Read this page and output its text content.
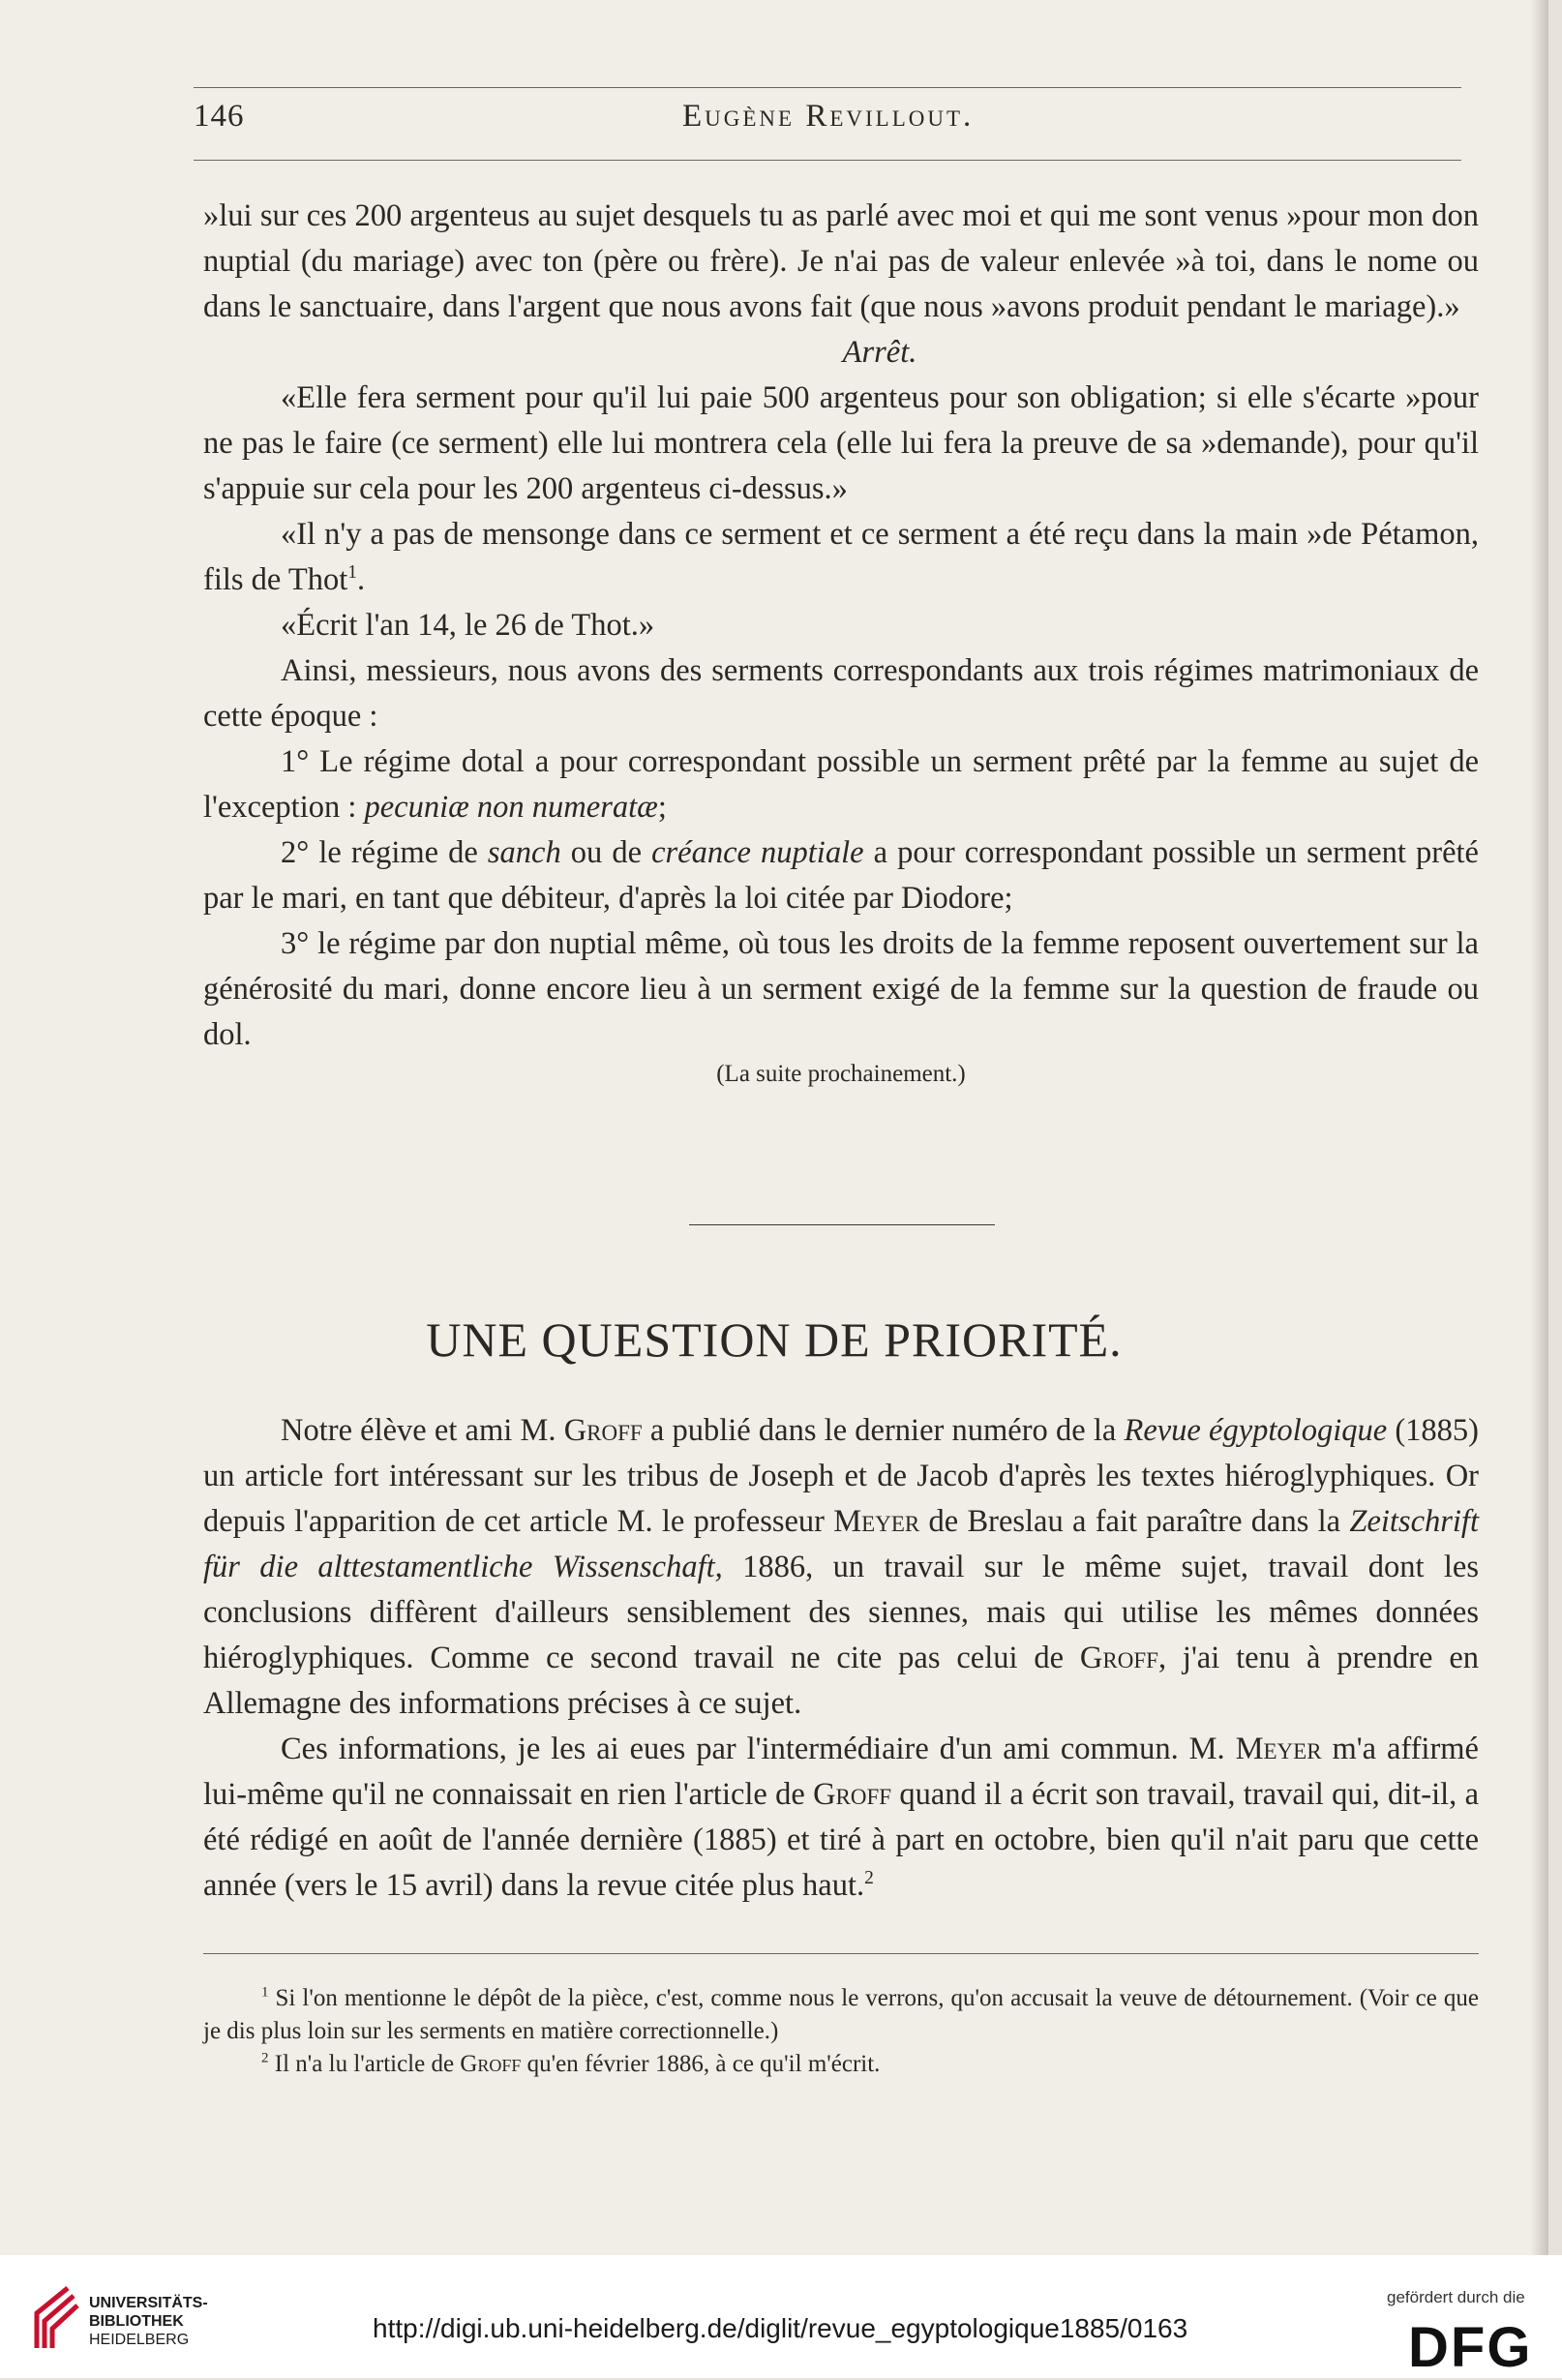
146	Eugène Revillout.

»lui sur ces 200 argenteus au sujet desquels tu as parlé avec moi et qui me sont venus »pour mon don nuptial (du mariage) avec ton (père ou frère). Je n'ai pas de valeur enlevée »à toi, dans le nome ou dans le sanctuaire, dans l'argent que nous avons fait (que nous »avons produit pendant le mariage).»

Arrêt.

«Elle fera serment pour qu'il lui paie 500 argenteus pour son obligation; si elle s'écarte »pour ne pas le faire (ce serment) elle lui montrera cela (elle lui fera la preuve de sa »demande), pour qu'il s'appuie sur cela pour les 200 argenteus ci-dessus.»

«Il n'y a pas de mensonge dans ce serment et ce serment a été reçu dans la main »de Pétamon, fils de Thot$^1$.

«Écrit l'an 14, le 26 de Thot.»

Ainsi, messieurs, nous avons des serments correspondants aux trois régimes matrimoniaux de cette époque :

1° Le régime dotal a pour correspondant possible un serment prêté par la femme au sujet de l'exception : pecuniæ non numeratæ;

2° le régime de sanch ou de créance nuptiale a pour correspondant possible un serment prêté par le mari, en tant que débiteur, d'après la loi citée par Diodore;

3° le régime par don nuptial même, où tous les droits de la femme reposent ouvertement sur la générosité du mari, donne encore lieu à un serment exigé de la femme sur la question de fraude ou dol.

(La suite prochainement.)

UNE QUESTION DE PRIORITÉ.

Notre élève et ami M. Groff a publié dans le dernier numéro de la Revue égyptologique (1885) un article fort intéressant sur les tribus de Joseph et de Jacob d'après les textes hiéroglyphiques. Or depuis l'apparition de cet article M. le professeur Meyer de Breslau a fait paraître dans la Zeitschrift für die alttestamentliche Wissenschaft, 1886, un travail sur le même sujet, travail dont les conclusions diffèrent d'ailleurs sensiblement des siennes, mais qui utilise les mêmes données hiéroglyphiques. Comme ce second travail ne cite pas celui de Groff, j'ai tenu à prendre en Allemagne des informations précises à ce sujet.

Ces informations, je les ai eues par l'intermédiaire d'un ami commun. M. Meyer m'a affirmé lui-même qu'il ne connaissait en rien l'article de Groff quand il a écrit son travail, travail qui, dit-il, a été rédigé en août de l'année dernière (1885) et tiré à part en octobre, bien qu'il n'ait paru que cette année (vers le 15 avril) dans la revue citée plus haut.$^2$

$^1$ Si l'on mentionne le dépôt de la pièce, c'est, comme nous le verrons, qu'on accusait la veuve de détournement. (Voir ce que je dis plus loin sur les serments en matière correctionnelle.)

$^2$ Il n'a lu l'article de Groff qu'en février 1886, à ce qu'il m'écrit.

UNIVERSITÄTS-
BIBLIOTHEK
HEIDELBERG	http://digi.ub.uni-heidelberg.de/diglit/revue_egyptologique1885/0163
gefördert durch die
DFG
